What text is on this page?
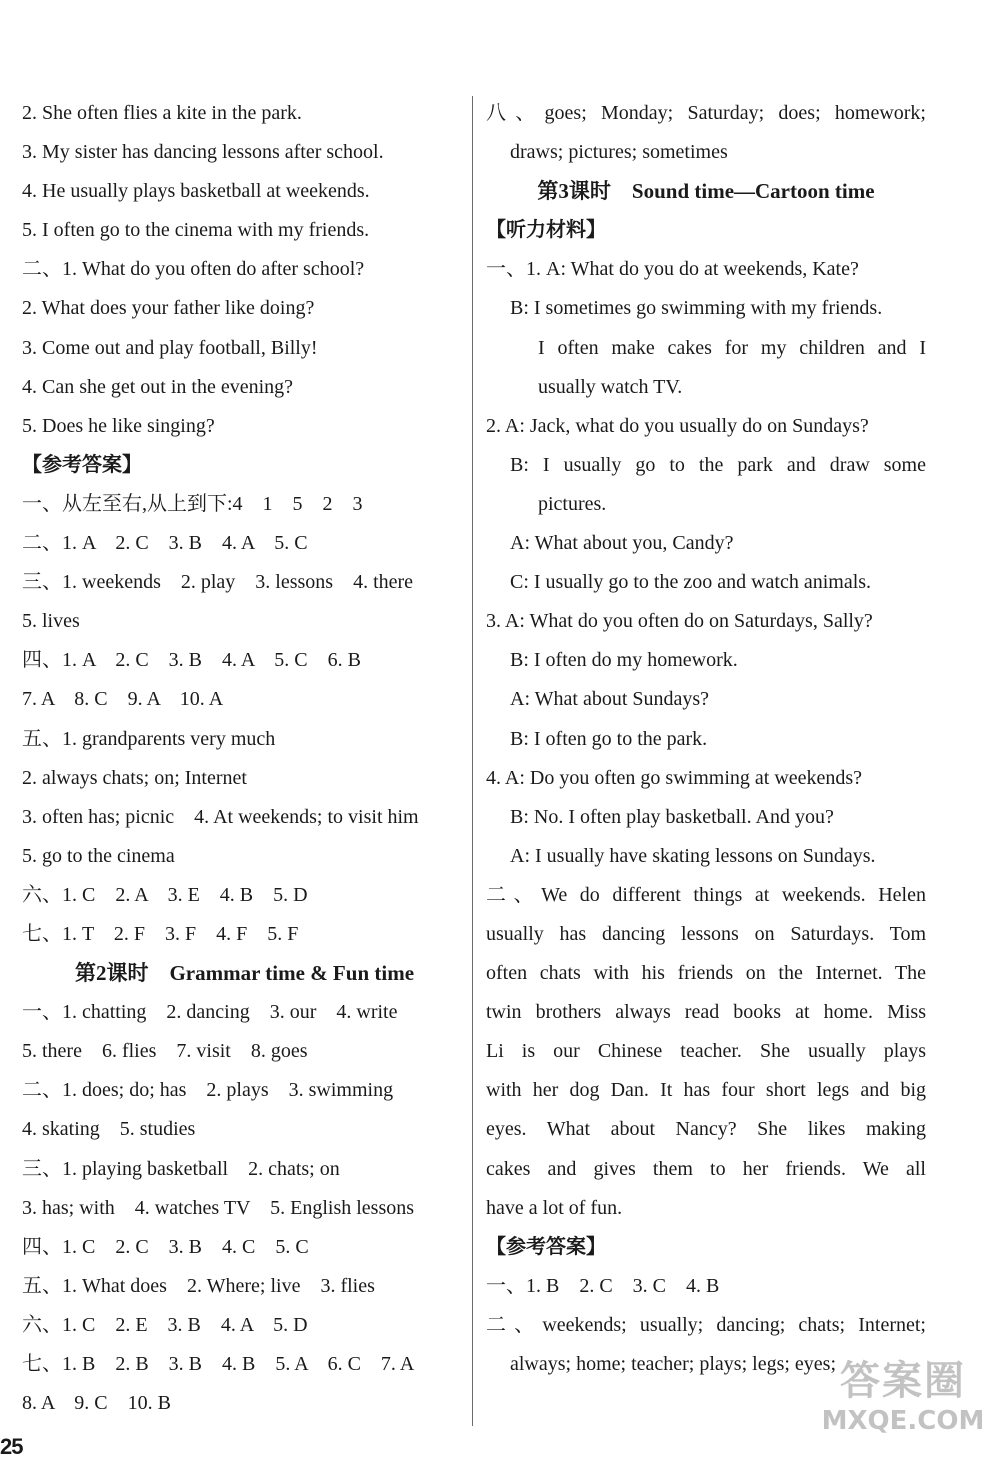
2. She often flies a kite in the park.
3. My sister has dancing lessons after school.
4. He usually plays basketball at weekends.
5. I often go to the cinema with my friends.
二、1. What do you often do after school?
2. What does your father like doing?
3. Come out and play football, Billy!
4. Can she get out in the evening?
5. Does he like singing?
【参考答案】
一、从左至右,从上到下:4　1　5　2　3
二、1. A　2. C　3. B　4. A　5. C
三、1. weekends　2. play　3. lessons　4. there
5. lives
四、1. A　2. C　3. B　4. A　5. C　6. B
7. A　8. C　9. A　10. A
五、1. grandparents very much
2. always chats; on; Internet
3. often has; picnic　4. At weekends; to visit him
5. go to the cinema
六、1. C　2. A　3. E　4. B　5. D
七、1. T　2. F　3. F　4. F　5. F
第2课时　Grammar time & Fun time
一、1. chatting　2. dancing　3. our　4. write
5. there　6. flies　7. visit　8. goes
二、1. does; do; has　2. plays　3. swimming
4. skating　5. studies
三、1. playing basketball　2. chats; on
3. has; with　4. watches TV　5. English lessons
四、1. C　2. C　3. B　4. C　5. C
五、1. What does　2. Where; live　3. flies
六、1. C　2. E　3. B　4. A　5. D
七、1. B　2. B　3. B　4. B　5. A　6. C　7. A
8. A　9. C　10. B
八、goes; Monday; Saturday; does; homework;
draws; pictures; sometimes
第3课时　Sound time—Cartoon time
【听力材料】
一、1. A: What do you do at weekends, Kate?
B: I sometimes go swimming with my friends.
I often make cakes for my children and I
usually watch TV.
2. A: Jack, what do you usually do on Sundays?
B: I usually go to the park and draw some
pictures.
A: What about you, Candy?
C: I usually go to the zoo and watch animals.
3. A: What do you often do on Saturdays, Sally?
B: I often do my homework.
A: What about Sundays?
B: I often go to the park.
4. A: Do you often go swimming at weekends?
B: No. I often play basketball. And you?
A: I usually have skating lessons on Sundays.
二、We do different things at weekends. Helen
usually has dancing lessons on Saturdays. Tom
often chats with his friends on the Internet. The
twin brothers always read books at home. Miss
Li is our Chinese teacher. She usually plays
with her dog Dan. It has four short legs and big
eyes. What about Nancy? She likes making
cakes and gives them to her friends. We all
have a lot of fun.
【参考答案】
一、1. B　2. C　3. C　4. B
二、weekends; usually; dancing; chats; Internet;
always; home; teacher; plays; legs; eyes;
25
答案圈
MXQE.COM
